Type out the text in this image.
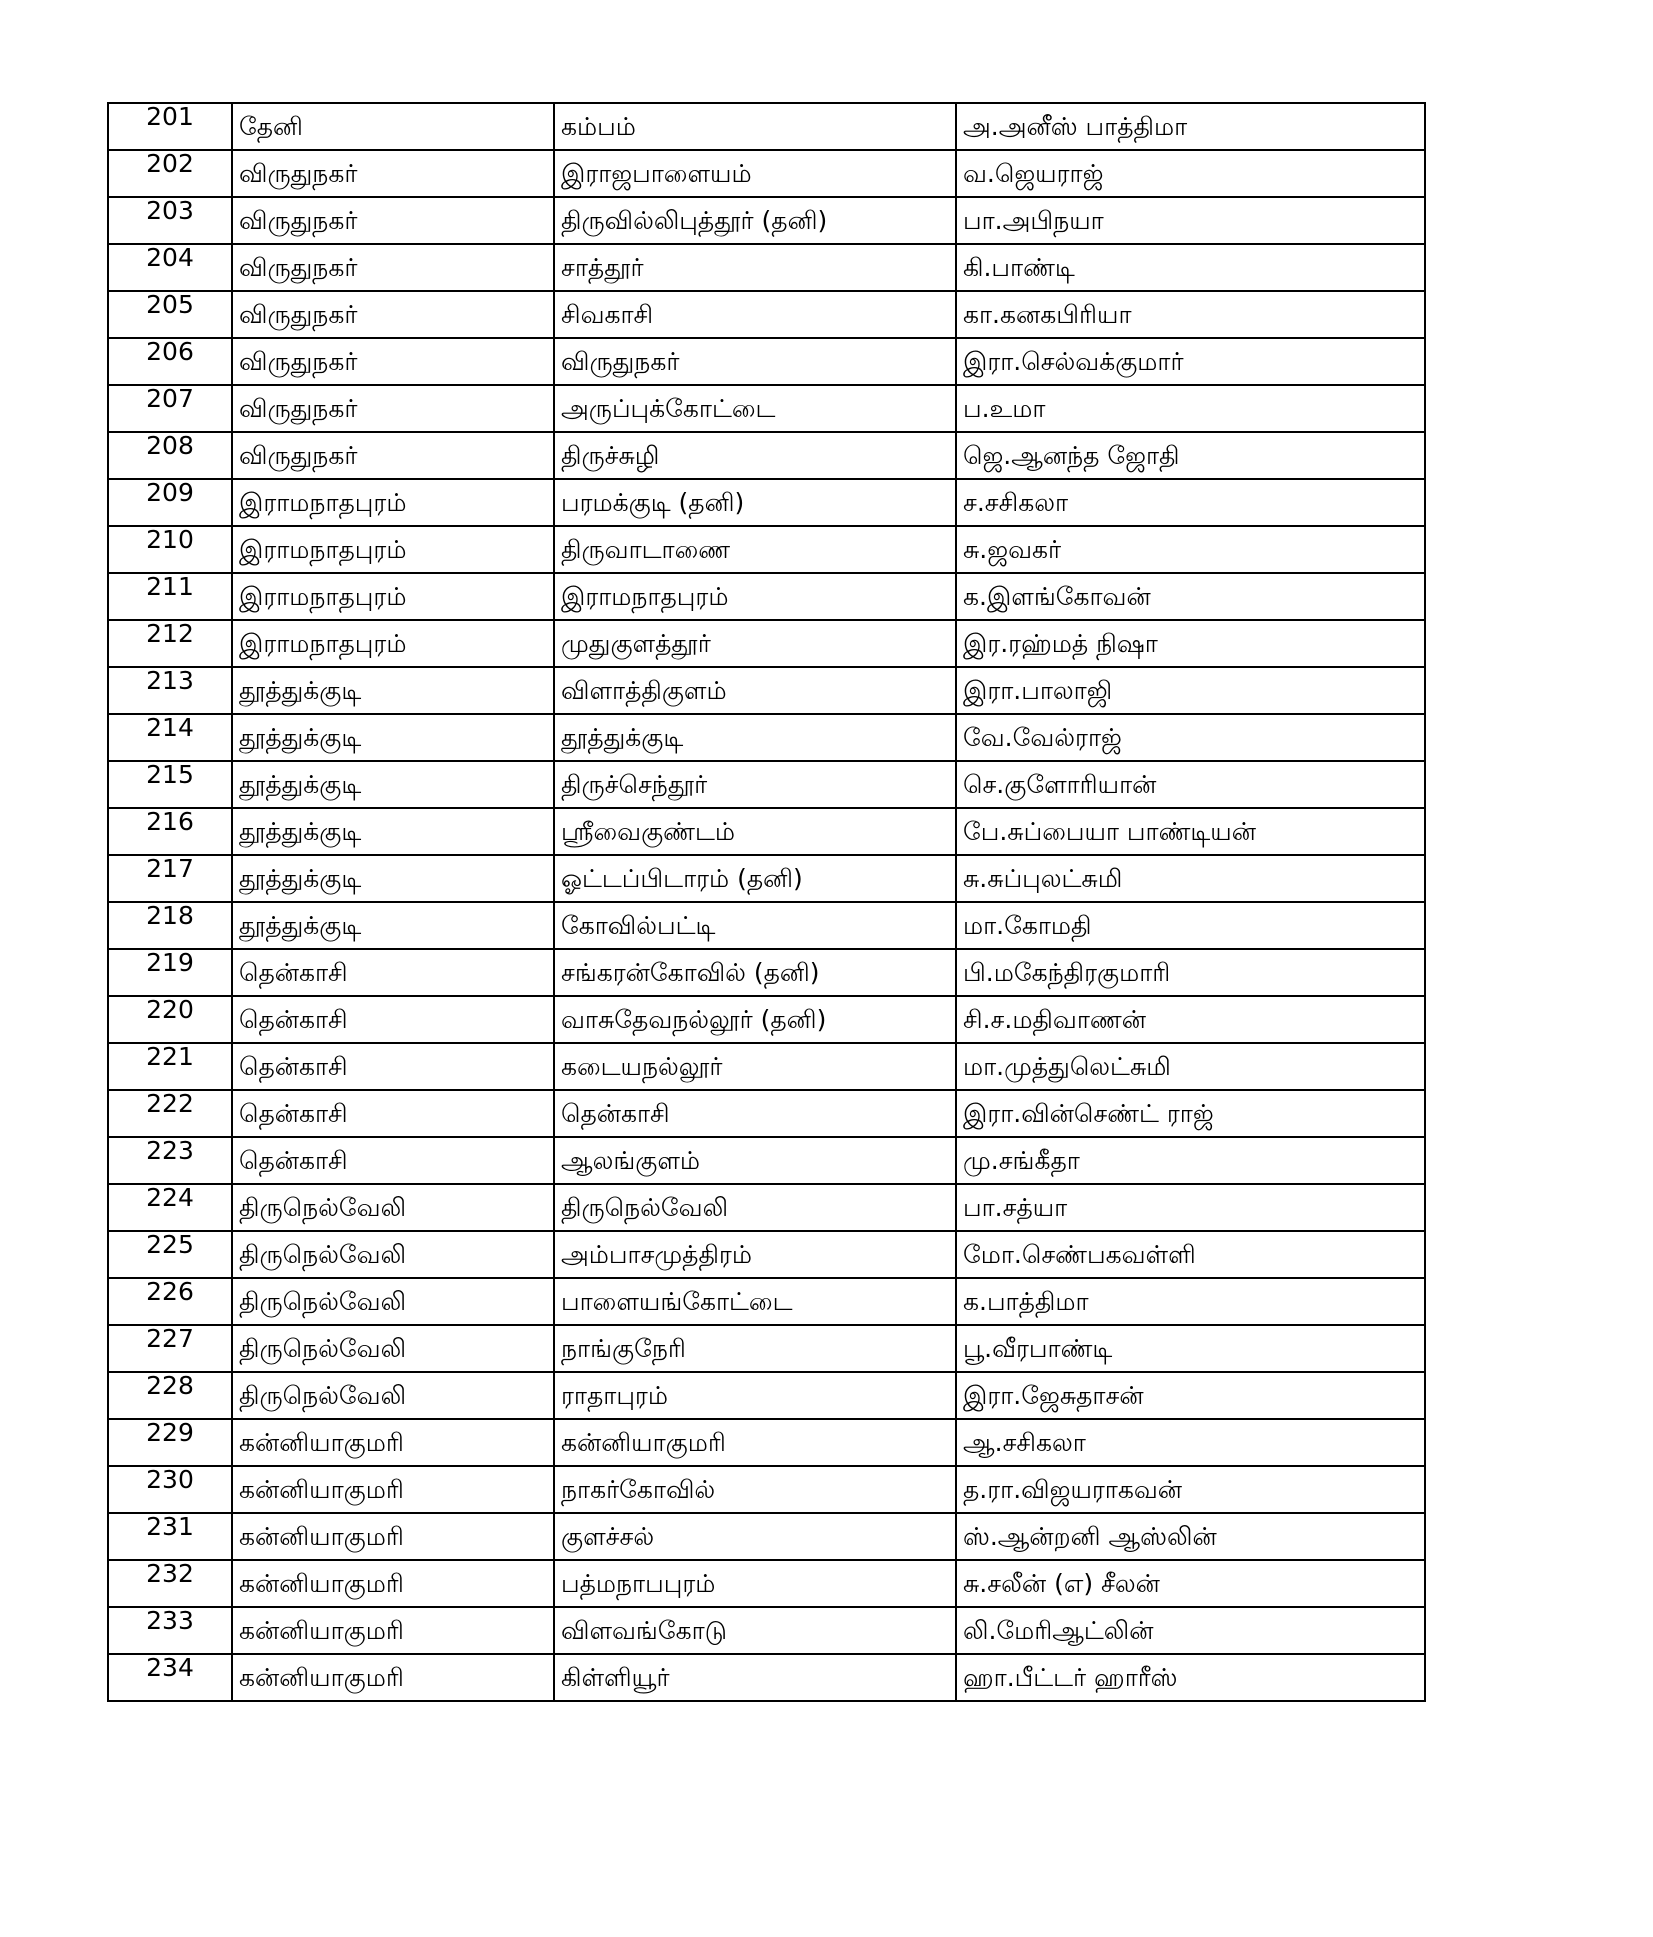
201	தேனி	கம்பம்	அ.அனீஸ் பாத்திமா
202	விருதுநகர்	இராஜபாளையம்	வ.ஜெயராஜ்
203	விருதுநகர்	திருவில்லிபுத்தூர் (தனி)	பா.அபிநயா
204	விருதுநகர்	சாத்தூர்	கி.பாண்டி
205	விருதுநகர்	சிவகாசி	கா.கனகபிரியா
206	விருதுநகர்	விருதுநகர்	இரா.செல்வக்குமார்
207	விருதுநகர்	அருப்புக்கோட்டை	ப.உமா
208	விருதுநகர்	திருச்சுழி	ஜெ.ஆனந்த ஜோதி
209	இராமநாதபுரம்	பரமக்குடி (தனி)	ச.சசிகலா
210	இராமநாதபுரம்	திருவாடாணை	சு.ஜவகர்
211	இராமநாதபுரம்	இராமநாதபுரம்	க.இளங்கோவன்
212	இராமநாதபுரம்	முதுகுளத்தூர்	இர.ரஹ்மத் நிஷா
213	தூத்துக்குடி	விளாத்திகுளம்	இரா.பாலாஜி
214	தூத்துக்குடி	தூத்துக்குடி	வே.வேல்ராஜ்
215	தூத்துக்குடி	திருச்செந்தூர்	செ.குளோரியான்
216	தூத்துக்குடி	ஸ்ரீவைகுண்டம்	பே.சுப்பையா பாண்டியன்
217	தூத்துக்குடி	ஓட்டப்பிடாரம் (தனி)	சு.சுப்புலட்சுமி
218	தூத்துக்குடி	கோவில்பட்டி	மா.கோமதி
219	தென்காசி	சங்கரன்கோவில் (தனி)	பி.மகேந்திரகுமாரி
220	தென்காசி	வாசுதேவநல்லூர் (தனி)	சி.ச.மதிவாணன்
221	தென்காசி	கடையநல்லூர்	மா.முத்துலெட்சுமி
222	தென்காசி	தென்காசி	இரா.வின்செண்ட் ராஜ்
223	தென்காசி	ஆலங்குளம்	மு.சங்கீதா
224	திருநெல்வேலி	திருநெல்வேலி	பா.சத்யா
225	திருநெல்வேலி	அம்பாசமுத்திரம்	மோ.செண்பகவள்ளி
226	திருநெல்வேலி	பாளையங்கோட்டை	க.பாத்திமா
227	திருநெல்வேலி	நாங்குநேரி	பூ.வீரபாண்டி
228	திருநெல்வேலி	ராதாபுரம்	இரா.ஜேசுதாசன்
229	கன்னியாகுமரி	கன்னியாகுமரி	ஆ.சசிகலா
230	கன்னியாகுமரி	நாகர்கோவில்	த.ரா.விஜயராகவன்
231	கன்னியாகுமரி	குளச்சல்	ஸ்.ஆன்றனி ஆஸ்லின்
232	கன்னியாகுமரி	பத்மநாபபுரம்	சு.சலீன் (எ) சீலன்
233	கன்னியாகுமரி	விளவங்கோடு	லி.மேரிஆட்லின்
234	கன்னியாகுமரி	கிள்ளியூர்	ஹா.பீட்டர் ஹாரீஸ்
